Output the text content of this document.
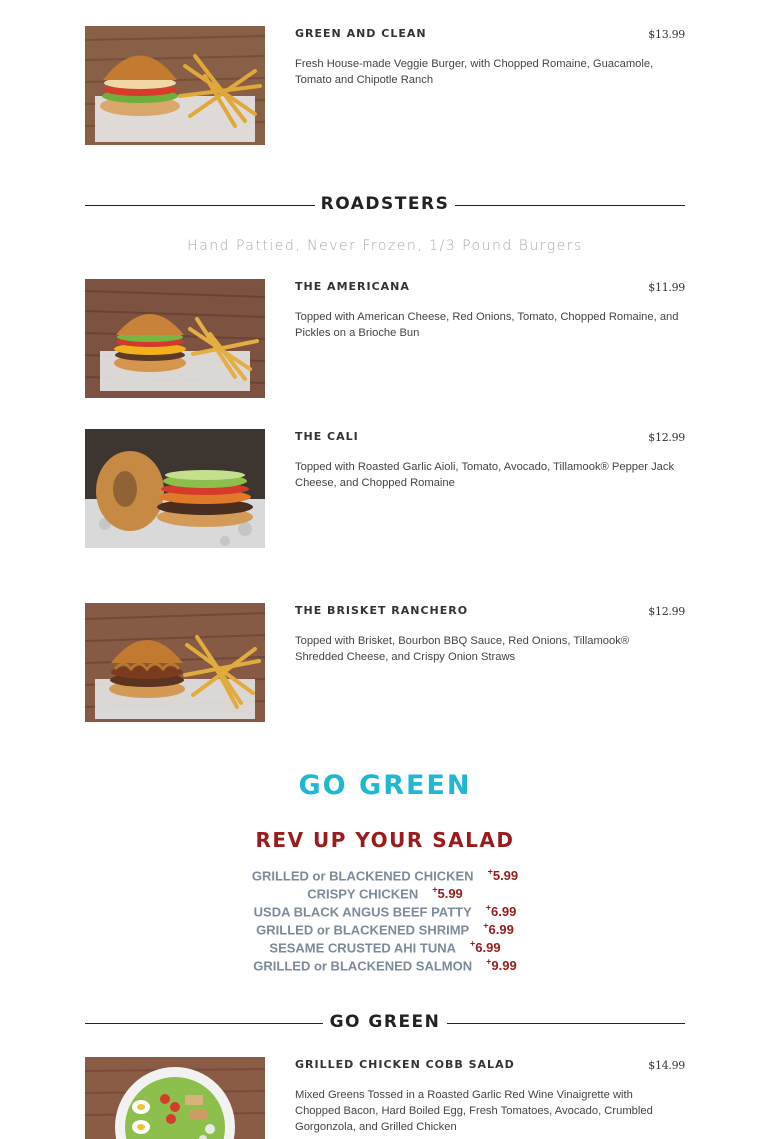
GREEN AND CLEAN	$13.99
Fresh House-made Veggie Burger, with Chopped Romaine, Guacamole, Tomato and Chipotle Ranch
ROADSTERS
Hand Pattied, Never Frozen, 1/3 Pound Burgers
THE AMERICANA	$11.99
Topped with American Cheese, Red Onions, Tomato, Chopped Romaine, and Pickles on a Brioche Bun
THE CALI	$12.99
Topped with Roasted Garlic Aioli, Tomato, Avocado, Tillamook® Pepper Jack Cheese, and Chopped Romaine
THE BRISKET RANCHERO	$12.99
Topped with Brisket, Bourbon BBQ Sauce, Red Onions, Tillamook® Shredded Cheese, and Crispy Onion Straws
GO GREEN
REV UP YOUR SALAD
GRILLED or BLACKENED CHICKEN +5.99
CRISPY CHICKEN +5.99
USDA BLACK ANGUS BEEF PATTY +6.99
GRILLED or BLACKENED SHRIMP +6.99
SESAME CRUSTED AHI TUNA +6.99
GRILLED or BLACKENED SALMON +9.99
GO GREEN
GRILLED CHICKEN COBB SALAD	$14.99
Mixed Greens Tossed in a Roasted Garlic Red Wine Vinaigrette with Chopped Bacon, Hard Boiled Egg, Fresh Tomatoes, Avocado, Crumbled Gorgonzola, and Grilled Chicken
